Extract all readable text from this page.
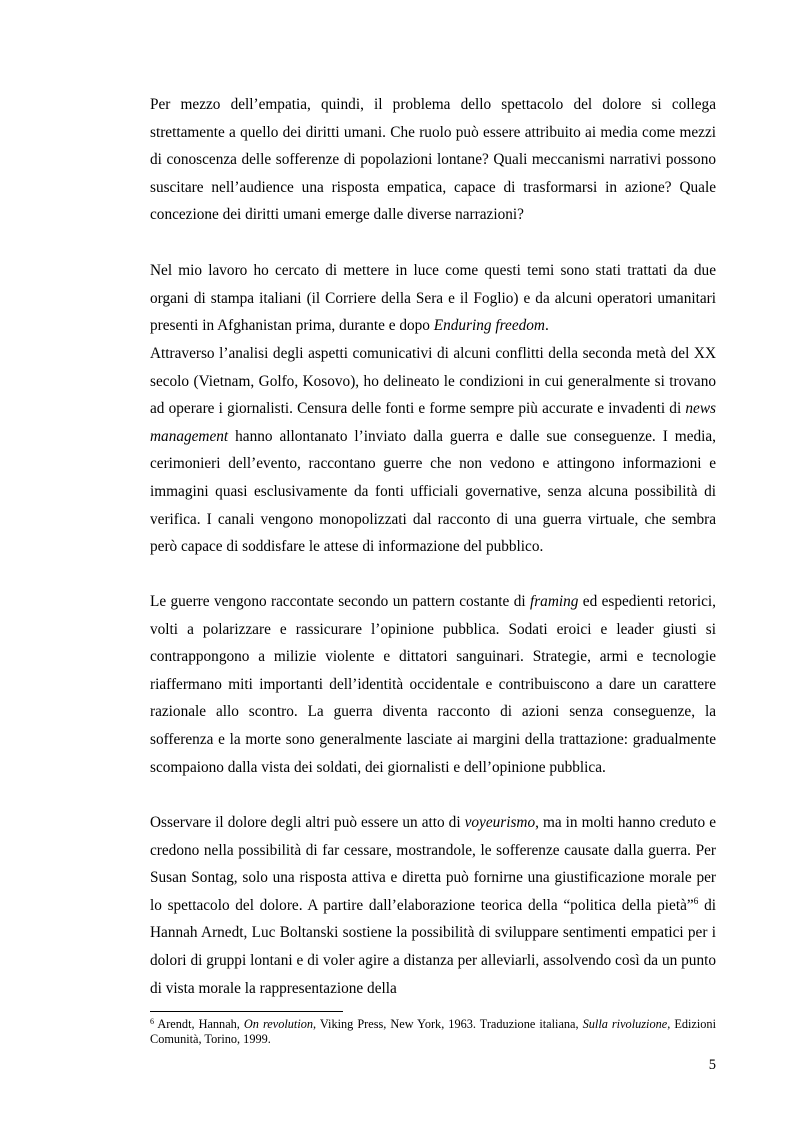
Per mezzo dell’empatia, quindi, il problema dello spettacolo del dolore si collega strettamente a quello dei diritti umani. Che ruolo può essere attribuito ai media come mezzi di conoscenza delle sofferenze di popolazioni lontane? Quali meccanismi narrativi possono suscitare nell’audience una risposta empatica, capace di trasformarsi in azione? Quale concezione dei diritti umani emerge dalle diverse narrazioni?

Nel mio lavoro ho cercato di mettere in luce come questi temi sono stati trattati da due organi di stampa italiani (il Corriere della Sera e il Foglio) e da alcuni operatori umanitari presenti in Afghanistan prima, durante e dopo Enduring freedom.

Attraverso l’analisi degli aspetti comunicativi di alcuni conflitti della seconda metà del XX secolo (Vietnam, Golfo, Kosovo), ho delineato le condizioni in cui generalmente si trovano ad operare i giornalisti. Censura delle fonti e forme sempre più accurate e invadenti di news management hanno allontanato l’inviato dalla guerra e dalle sue conseguenze. I media, cerimonieri dell’evento, raccontano guerre che non vedono e attingono informazioni e immagini quasi esclusivamente da fonti ufficiali governative, senza alcuna possibilità di verifica. I canali vengono monopolizzati dal racconto di una guerra virtuale, che sembra però capace di soddisfare le attese di informazione del pubblico.

Le guerre vengono raccontate secondo un pattern costante di framing ed espedienti retorici, volti a polarizzare e rassicurare l’opinione pubblica. Sodati eroici e leader giusti si contrappongono a milizie violente e dittatori sanguinari. Strategie, armi e tecnologie riaffermano miti importanti dell’identità occidentale e contribuiscono a dare un carattere razionale allo scontro. La guerra diventa racconto di azioni senza conseguenze, la sofferenza e la morte sono generalmente lasciate ai margini della trattazione: gradualmente scompaiono dalla vista dei soldati, dei giornalisti e dell’opinione pubblica.

Osservare il dolore degli altri può essere un atto di voyeurismo, ma in molti hanno creduto e credono nella possibilità di far cessare, mostrandole, le sofferenze causate dalla guerra. Per Susan Sontag, solo una risposta attiva e diretta può fornirne una giustificazione morale per lo spettacolo del dolore. A partire dall’elaborazione teorica della “politica della pietà”$^6$ di Hannah Arnedt, Luc Boltanski sostiene la possibilità di sviluppare sentimenti empatici per i dolori di gruppi lontani e di voler agire a distanza per alleviarli, assolvendo così da un punto di vista morale la rappresentazione della

$^6$ Arendt, Hannah, On revolution, Viking Press, New York, 1963. Traduzione italiana, Sulla rivoluzione, Edizioni Comunità, Torino, 1999.

5
